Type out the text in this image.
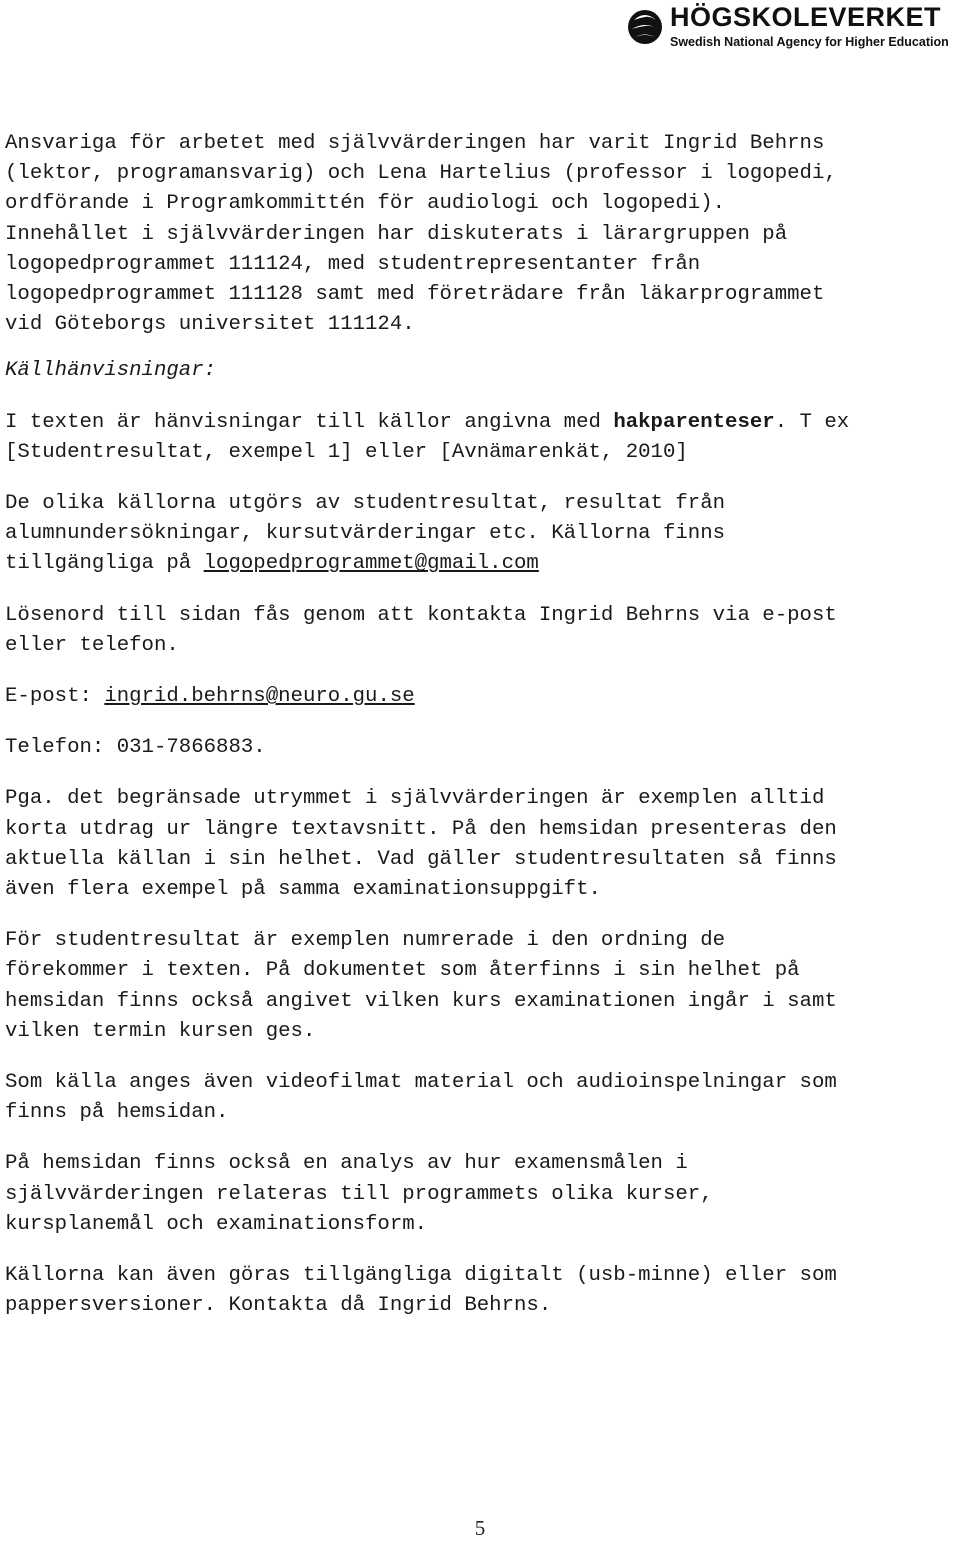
HÖGSKOLEVERKET
Swedish National Agency for Higher Education

Ansvariga för arbetet med självvärderingen har varit Ingrid Behrns
(lektor, programansvarig) och Lena Hartelius (professor i logopedi,
ordförande i Programkommittén för audiologi och logopedi).
Innehållet i självvärderingen har diskuterats i lärargruppen på
logopedprogrammet 111124, med studentrepresentanter från
logopedprogrammet 111128 samt med företrädare från läkarprogrammet
vid Göteborgs universitet 111124.

Källhänvisningar:

I texten är hänvisningar till källor angivna med hakparenteser. T ex
[Studentresultat, exempel 1] eller [Avnämarenkät, 2010]

De olika källorna utgörs av studentresultat, resultat från
alumnundersökningar, kursutvärderingar etc. Källorna finns
tillgängliga på logopedprogrammet@gmail.com

Lösenord till sidan fås genom att kontakta Ingrid Behrns via e-post
eller telefon.

E-post: ingrid.behrns@neuro.gu.se

Telefon: 031-7866883.

Pga. det begränsade utrymmet i självvärderingen är exemplen alltid
korta utdrag ur längre textavsnitt. På den hemsidan presenteras den
aktuella källan i sin helhet. Vad gäller studentresultaten så finns
även flera exempel på samma examinationsuppgift.

För studentresultat är exemplen numrerade i den ordning de
förekommer i texten. På dokumentet som återfinns i sin helhet på
hemsidan finns också angivet vilken kurs examinationen ingår i samt
vilken termin kursen ges.

Som källa anges även videofilmat material och audioinspelningar som
finns på hemsidan.

På hemsidan finns också en analys av hur examensmålen i
självvärderingen relateras till programmets olika kurser,
kursplanemål och examinationsform.

Källorna kan även göras tillgängliga digitalt (usb-minne) eller som
pappersversioner. Kontakta då Ingrid Behrns.

5
